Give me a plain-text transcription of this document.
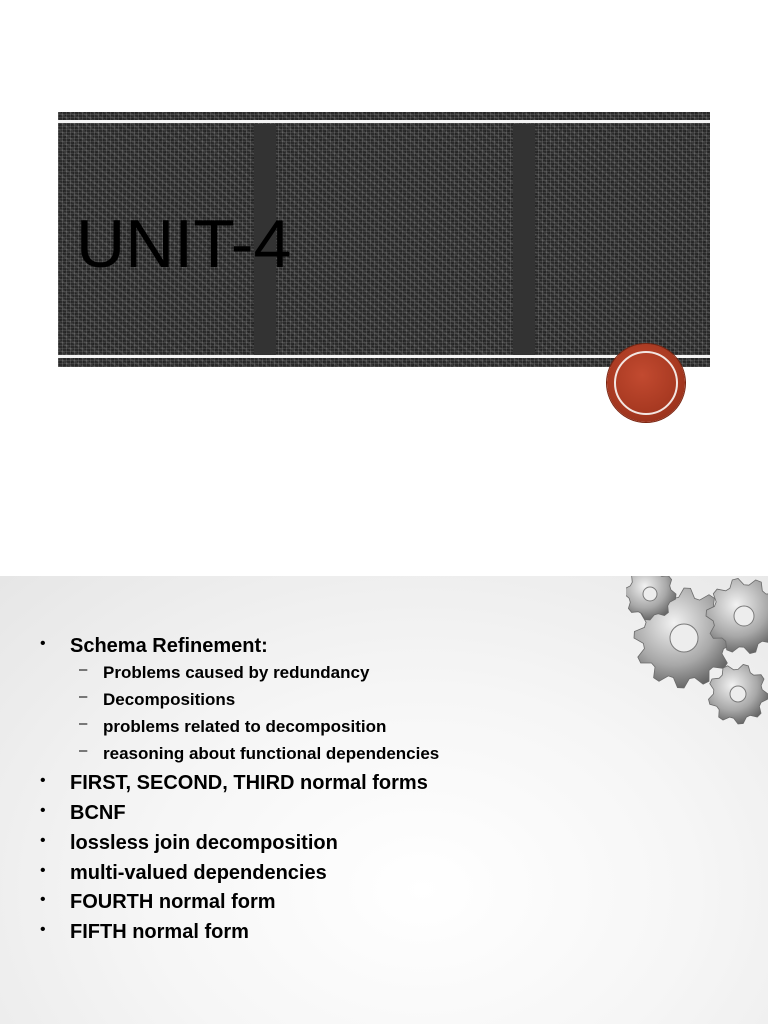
UNIT-4
• Schema Refinement:
– Problems caused by redundancy
– Decompositions
– problems related to decomposition
– reasoning about functional dependencies
• FIRST, SECOND, THIRD normal forms
• BCNF
• lossless join decomposition
• multi-valued dependencies
• FOURTH normal form
• FIFTH normal form
